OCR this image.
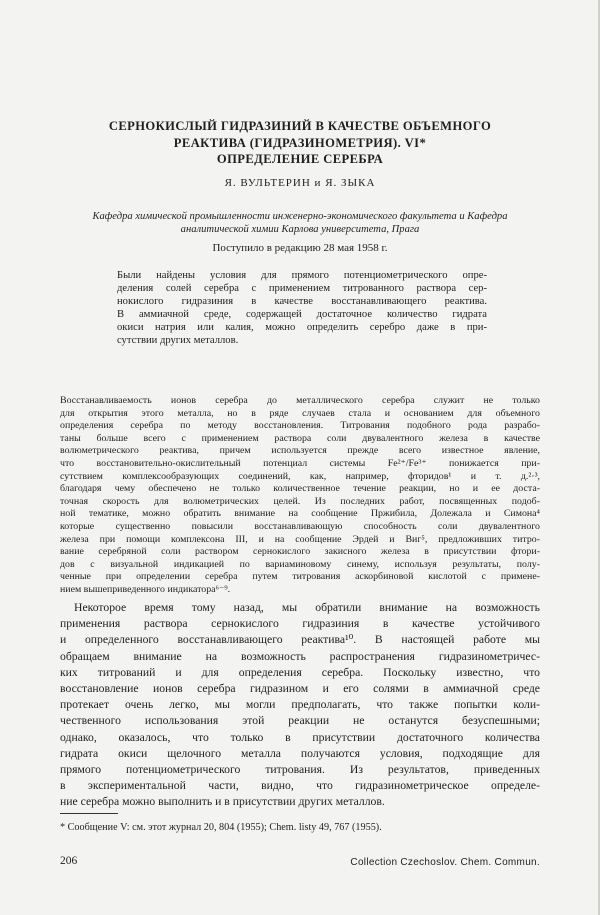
СЕРНОКИСЛЫЙ ГИДРАЗИНИЙ В КАЧЕСТВЕ ОБЪЕМНОГО
РЕАКТИВА (ГИДРАЗИНОМЕТРИЯ). VI*
ОПРЕДЕЛЕНИЕ СЕРЕБРА
Я. ВУЛЬТЕРИН и Я. ЗЫКА
Кафедра химической промышленности инженерно-экономического факультета и Кафедра
аналитической химии Карлова университета, Прага
Поступило в редакцию 28 мая 1958 г.

Были найдены условия для прямого потенциометрического опре-
деления солей серебра с применением титрованного раствора сер-
нокислого гидразиния в качестве восстанавливающего реактива.
В аммиачной среде, содержащей достаточное количество гидрата
окиси натрия или калия, можно определить серебро даже в при-
сутствии других металлов.

Восстанавливаемость ионов серебра до металлического серебра служит не только
для открытия этого металла, но в ряде случаев стала и основанием для объемного
определения серебра по методу восстановления. Титрования подобного рода разрабо-
таны больше всего с применением раствора соли двувалентного железа в качестве
волюметрического реактива, причем используется прежде всего известное явление,
что восстановительно-окислительный потенциал системы Fe²⁺/Fe³⁺ понижается при-
сутствием комплексообразующих соединений, как, например, фторидов¹ и т. д.²·³,
благодаря чему обеспечено не только количественное течение реакции, но и ее доста-
точная скорость для волюметрических целей. Из последних работ, посвященных подоб-
ной тематике, можно обратить внимание на сообщение Пржибила, Долежала и Симона⁴
которые существенно повысили восстанавливающую способность соли двувалентного
железа при помощи комплексона III, и на сообщение Эрдей и Виг⁵, предложивших титро-
вание серебряной соли раствором сернокислого закисного железа в присутствии фтори-
дов с визуальной индикацией по вариаминовому синему, используя результаты, полу-
ченные при определении серебра путем титрования аскорбиновой кислотой с примене-
нием вышеприведенного индикатора⁶⁻⁹.

Некоторое время тому назад, мы обратили внимание на возможность
применения раствора сернокислого гидразиния в качестве устойчивого
и определенного восстанавливающего реактива¹⁰. В настоящей работе мы
обращаем внимание на возможность распространения гидразинометричес-
ких титрований и для определения серебра. Поскольку известно, что
восстановление ионов серебра гидразином и его солями в аммиачной среде
протекает очень легко, мы могли предполагать, что также попытки коли-
чественного использования этой реакции не останутся безуспешными;
однако, оказалось, что только в присутствии достаточного количества
гидрата окиси щелочного металла получаются условия, подходящие для
прямого потенциометрического титрования. Из результатов, приведенных
в экспериментальной части, видно, что гидразинометрическое определе-
ние серебра можно выполнить и в присутствии других металлов.

* Сообщение V: см. этот журнал 20, 804 (1955); Chem. listy 49, 767 (1955).

206	Collection Czechoslov. Chem. Commun.
